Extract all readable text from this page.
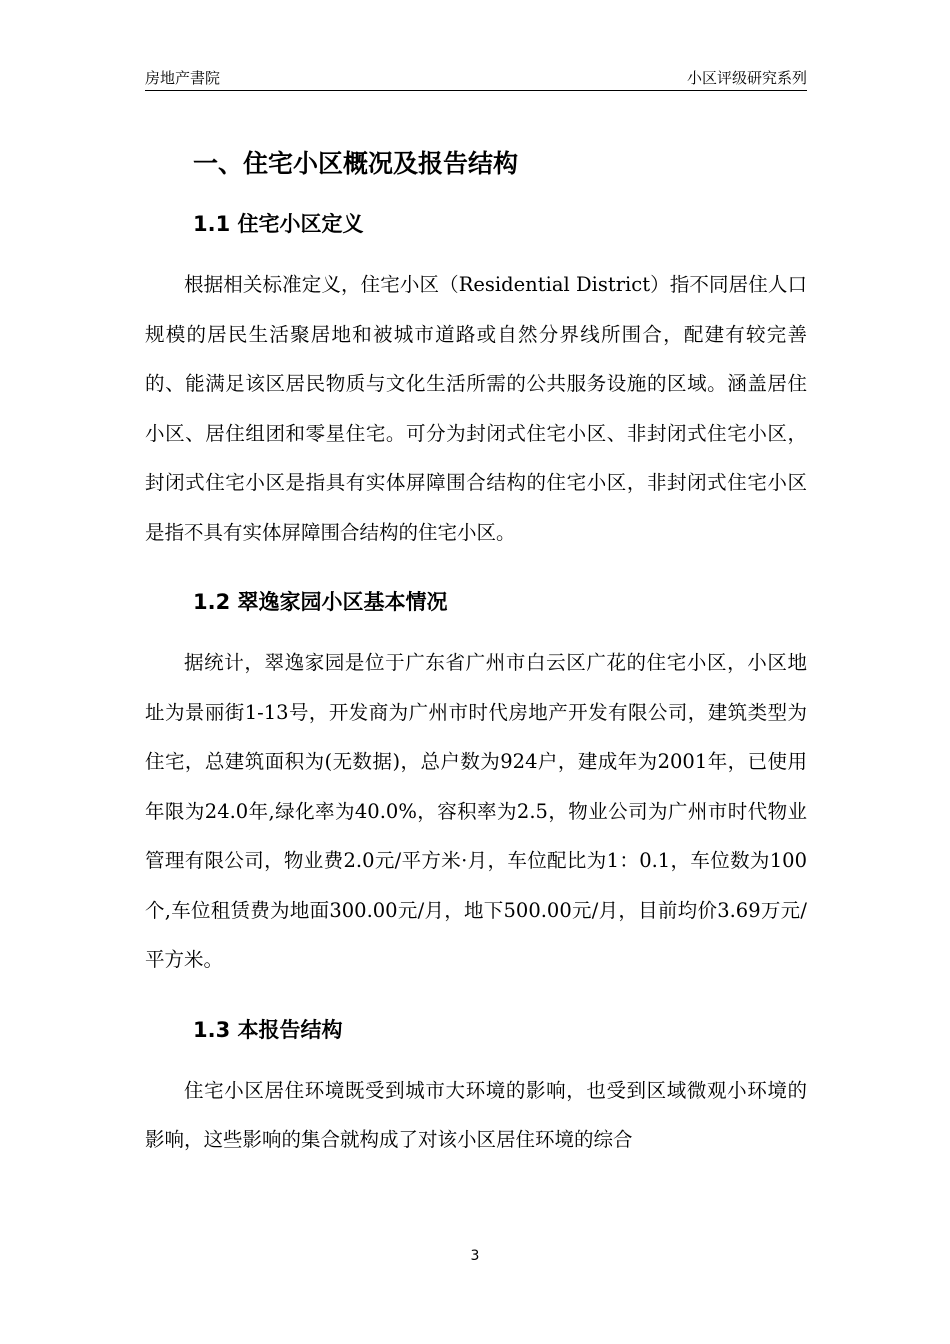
房地产書院	小区评级研究系列
一、住宅小区概况及报告结构
1.1 住宅小区定义

根据相关标准定义，住宅小区（Residential District）指不同居住人口规模的居民生活聚居地和被城市道路或自然分界线所围合，配建有较完善的、能满足该区居民物质与文化生活所需的公共服务设施的区域。涵盖居住小区、居住组团和零星住宅。可分为封闭式住宅小区、非封闭式住宅小区，封闭式住宅小区是指具有实体屏障围合结构的住宅小区，非封闭式住宅小区是指不具有实体屏障围合结构的住宅小区。

1.2 翠逸家园小区基本情况

据统计，翠逸家园是位于广东省广州市白云区广花的住宅小区，小区地址为景丽街1-13号，开发商为广州市时代房地产开发有限公司，建筑类型为住宅，总建筑面积为(无数据)，总户数为924户，建成年为2001年，已使用年限为24.0年,绿化率为40.0%，容积率为2.5，物业公司为广州市时代物业管理有限公司，物业费2.0元/平方米·月，车位配比为1：0.1，车位数为100个,车位租赁费为地面300.00元/月，地下500.00元/月，目前均价3.69万元/平方米。

1.3 本报告结构

住宅小区居住环境既受到城市大环境的影响，也受到区域微观小环境的影响，这些影响的集合就构成了对该小区居住环境的综合

3
